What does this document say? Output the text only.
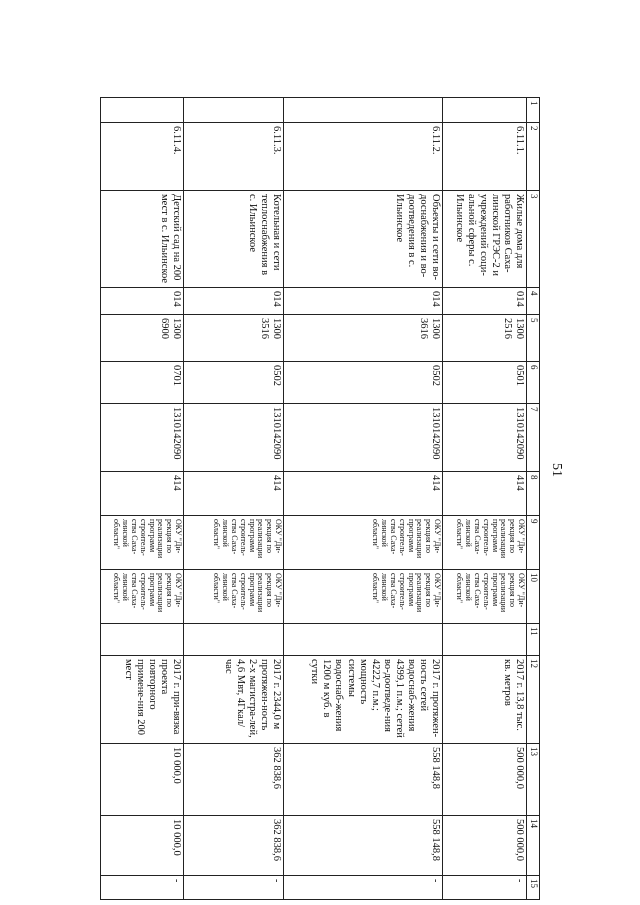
51
1	2	3	4	5	6	7	8	9	10	11	12	13	14	15
	6.11.1.	Жилые дома для работников Саха-линской ГРЭС-2 и учреждений соци-альной сферы с. Ильинское	014	1300 2516	0501	1310142090	414	ОКУ "Ди-рекция по реализации программ строитель-ства Саха-линской области"	ОКУ "Ди-рекция по реализации программ строитель-ства Саха-линской области"		2017 г. 13,8 тыс. кв. метров	500 000,0	500 000,0	-
	6.11.2.	Объекты и сети во-доснабжения и во-доотведения в с. Ильинское	014	1300 3616	0502	1310142090	414	ОКУ "Ди-рекция по реализации программ строитель-ства Саха-линской области"	ОКУ "Ди-рекция по реализации программ строитель-ства Саха-линской области"		2017 г. протяжен-ность сетей водоснаб-жения 4399,1 п.м.; сетей во-доотведе-ния 4222,7 п.м.; мощность системы водоснаб-жения 1200 м куб. в сутки	558 148,8	558 148,8	-
	6.11.3.	Котельная и сети теплоснабжения в с. Ильинское	014	1300 3516	0502	1310142090	414	ОКУ "Ди-рекция по реализации программ строитель-ства Саха-линской области"	ОКУ "Ди-рекция по реализации программ строитель-ства Саха-линской области"		2017 г. 2344,0 м протяжен-ность 2-х магистра-лей, 4,6 Мвт, 4Гкал/час	362 838,6	362 838,6	-
	6.11.4.	Детский сад на 200 мест в с. Ильинское	014	1300 6900	0701	1310142090	414	ОКУ "Ди-рекция по реализации программ строитель-ства Саха-линской области"	ОКУ "Ди-рекция по реализации программ строитель-ства Саха-линской области"		2017 г. при-вязка проекта повторного примене-ния 200 мест	10 000,0	10 000,0	-
